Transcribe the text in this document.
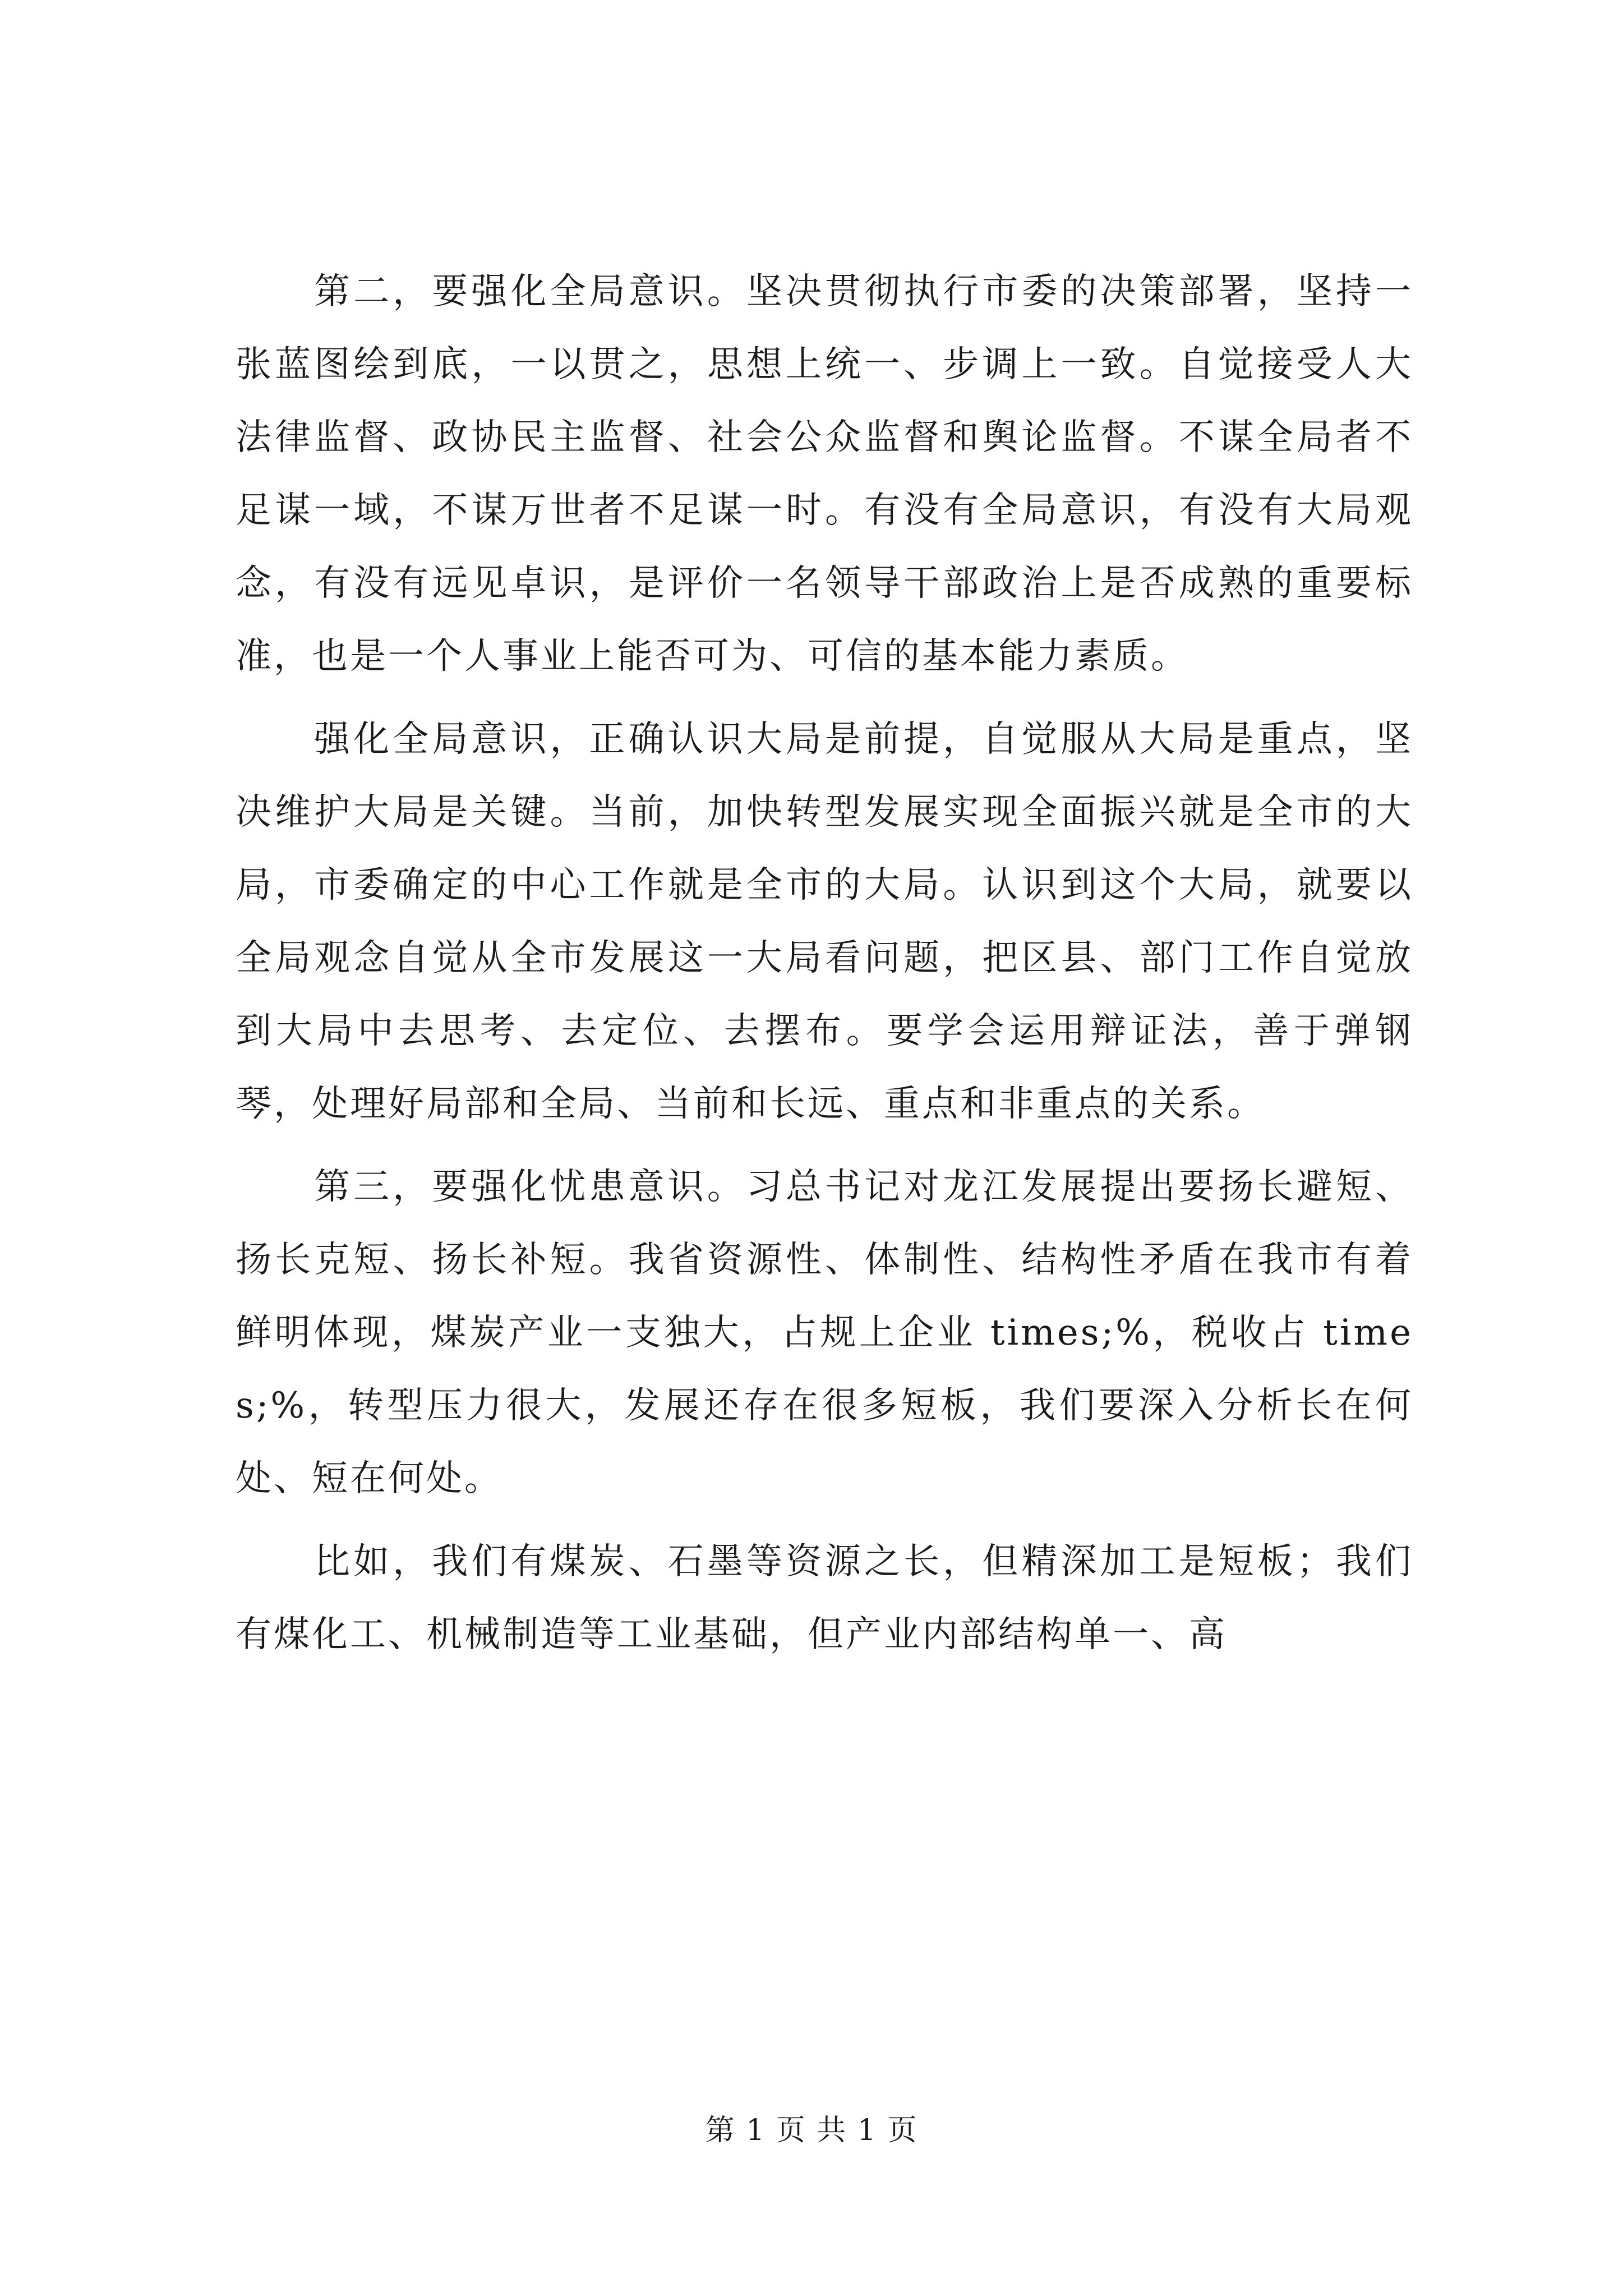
第二，要强化全局意识。坚决贯彻执行市委的决策部署，坚持一张蓝图绘到底，一以贯之，思想上统一、步调上一致。自觉接受人大法律监督、政协民主监督、社会公众监督和舆论监督。不谋全局者不足谋一域，不谋万世者不足谋一时。有没有全局意识，有没有大局观念，有没有远见卓识，是评价一名领导干部政治上是否成熟的重要标准，也是一个人事业上能否可为、可信的基本能力素质。

强化全局意识，正确认识大局是前提，自觉服从大局是重点，坚决维护大局是关键。当前，加快转型发展实现全面振兴就是全市的大局，市委确定的中心工作就是全市的大局。认识到这个大局，就要以全局观念自觉从全市发展这一大局看问题，把区县、部门工作自觉放到大局中去思考、去定位、去摆布。要学会运用辩证法，善于弹钢琴，处理好局部和全局、当前和长远、重点和非重点的关系。

第三，要强化忧患意识。习总书记对龙江发展提出要扬长避短、扬长克短、扬长补短。我省资源性、体制性、结构性矛盾在我市有着鲜明体现，煤炭产业一支独大，占规上企业 times;%，税收占 times;%，转型压力很大，发展还存在很多短板，我们要深入分析长在何处、短在何处。

比如，我们有煤炭、石墨等资源之长，但精深加工是短板；我们有煤化工、机械制造等工业基础，但产业内部结构单一、高

第 1 页 共 1 页
